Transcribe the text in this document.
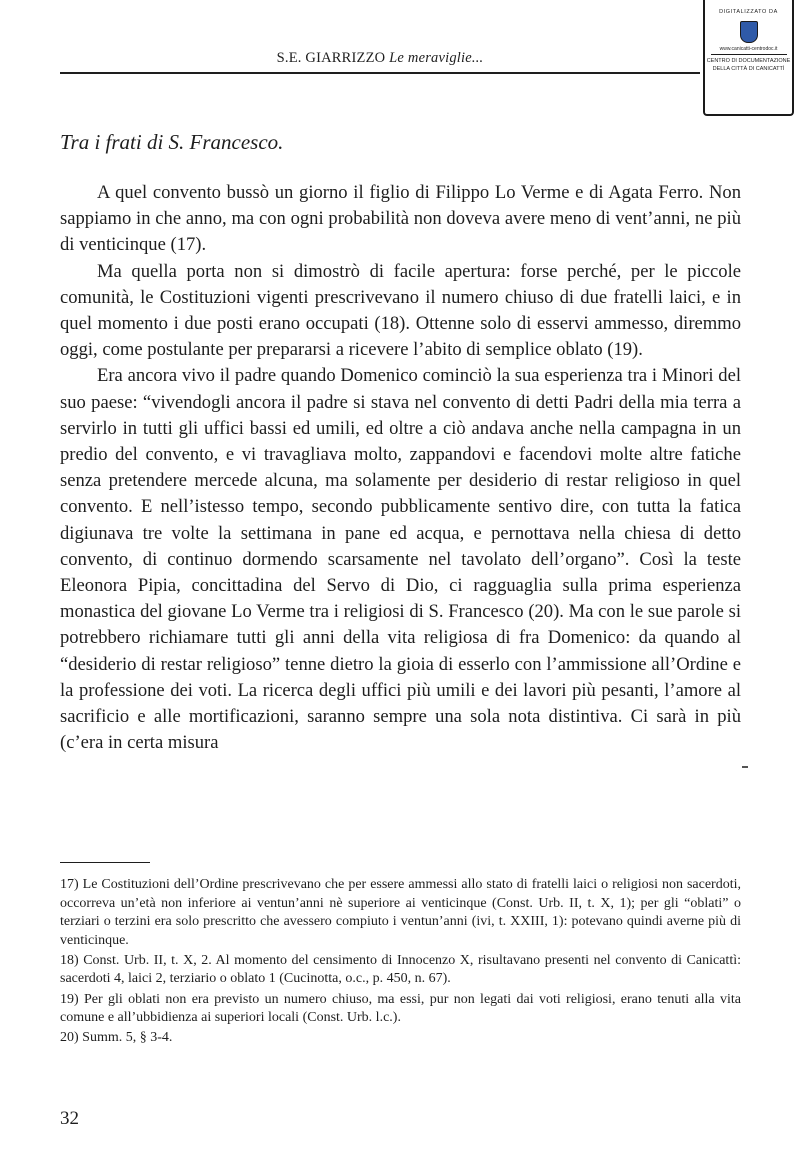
S.E. GIARRIZZO Le meraviglie...
DIGITALIZZATO DA
www.canicatti-centrodoc.it
CENTRO DI DOCUMENTAZIONE
DELLA CITTÀ DI CANICATTÌ
Tra i frati di S. Francesco.

A quel convento bussò un giorno il figlio di Filippo Lo Verme e di Agata Ferro. Non sappiamo in che anno, ma con ogni probabilità non doveva avere meno di vent’anni, ne più di venticinque (17).

Ma quella porta non si dimostrò di facile apertura: forse perché, per le piccole comunità, le Costituzioni vigenti prescrivevano il numero chiuso di due fratelli laici, e in quel momento i due posti erano occupati (18). Ottenne solo di esservi ammesso, diremmo oggi, come postulante per prepararsi a ricevere l’abito di semplice oblato (19).

Era ancora vivo il padre quando Domenico cominciò la sua esperienza tra i Minori del suo paese: “vivendogli ancora il padre si stava nel convento di detti Padri della mia terra a servirlo in tutti gli uffici bassi ed umili, ed oltre a ciò andava anche nella campagna in un predio del convento, e vi travagliava molto, zappandovi e facendovi molte altre fatiche senza pretendere mercede alcuna, ma solamente per desiderio di restar religioso in quel convento. E nell’istesso tempo, secondo pubblicamente sentivo dire, con tutta la fatica digiunava tre volte la settimana in pane ed acqua, e pernottava nella chiesa di detto convento, di continuo dormendo scarsamente nel tavolato dell’organo”. Così la teste Eleonora Pipia, concittadina del Servo di Dio, ci ragguaglia sulla prima esperienza monastica del giovane Lo Verme tra i religiosi di S. Francesco (20). Ma con le sue parole si potrebbero richiamare tutti gli anni della vita religiosa di fra Domenico: da quando al “desiderio di restar religioso” tenne dietro la gioia di esserlo con l’ammissione all’Ordine e la professione dei voti. La ricerca degli uffici più umili e dei lavori più pesanti, l’amore al sacrificio e alle mortificazioni, saranno sempre una sola nota distintiva. Ci sarà in più (c’era in certa misura

17) Le Costituzioni dell’Ordine prescrivevano che per essere ammessi allo stato di fratelli laici o religiosi non sacerdoti, occorreva un’età non inferiore ai ventun’anni nè superiore ai venticinque (Const. Urb. II, t. X, 1); per gli “oblati” o terziari o terzini era solo prescritto che avessero compiuto i ventun’anni (ivi, t. XXIII, 1): potevano quindi averne più di venticinque.

18) Const. Urb. II, t. X, 2. Al momento del censimento di Innocenzo X, risultavano presenti nel convento di Canicattì: sacerdoti 4, laici 2, terziario o oblato 1 (Cucinotta, o.c., p. 450, n. 67).

19) Per gli oblati non era previsto un numero chiuso, ma essi, pur non legati dai voti religiosi, erano tenuti alla vita comune e all’ubbidienza ai superiori locali (Const. Urb. l.c.).

20) Summ. 5, § 3-4.

32
